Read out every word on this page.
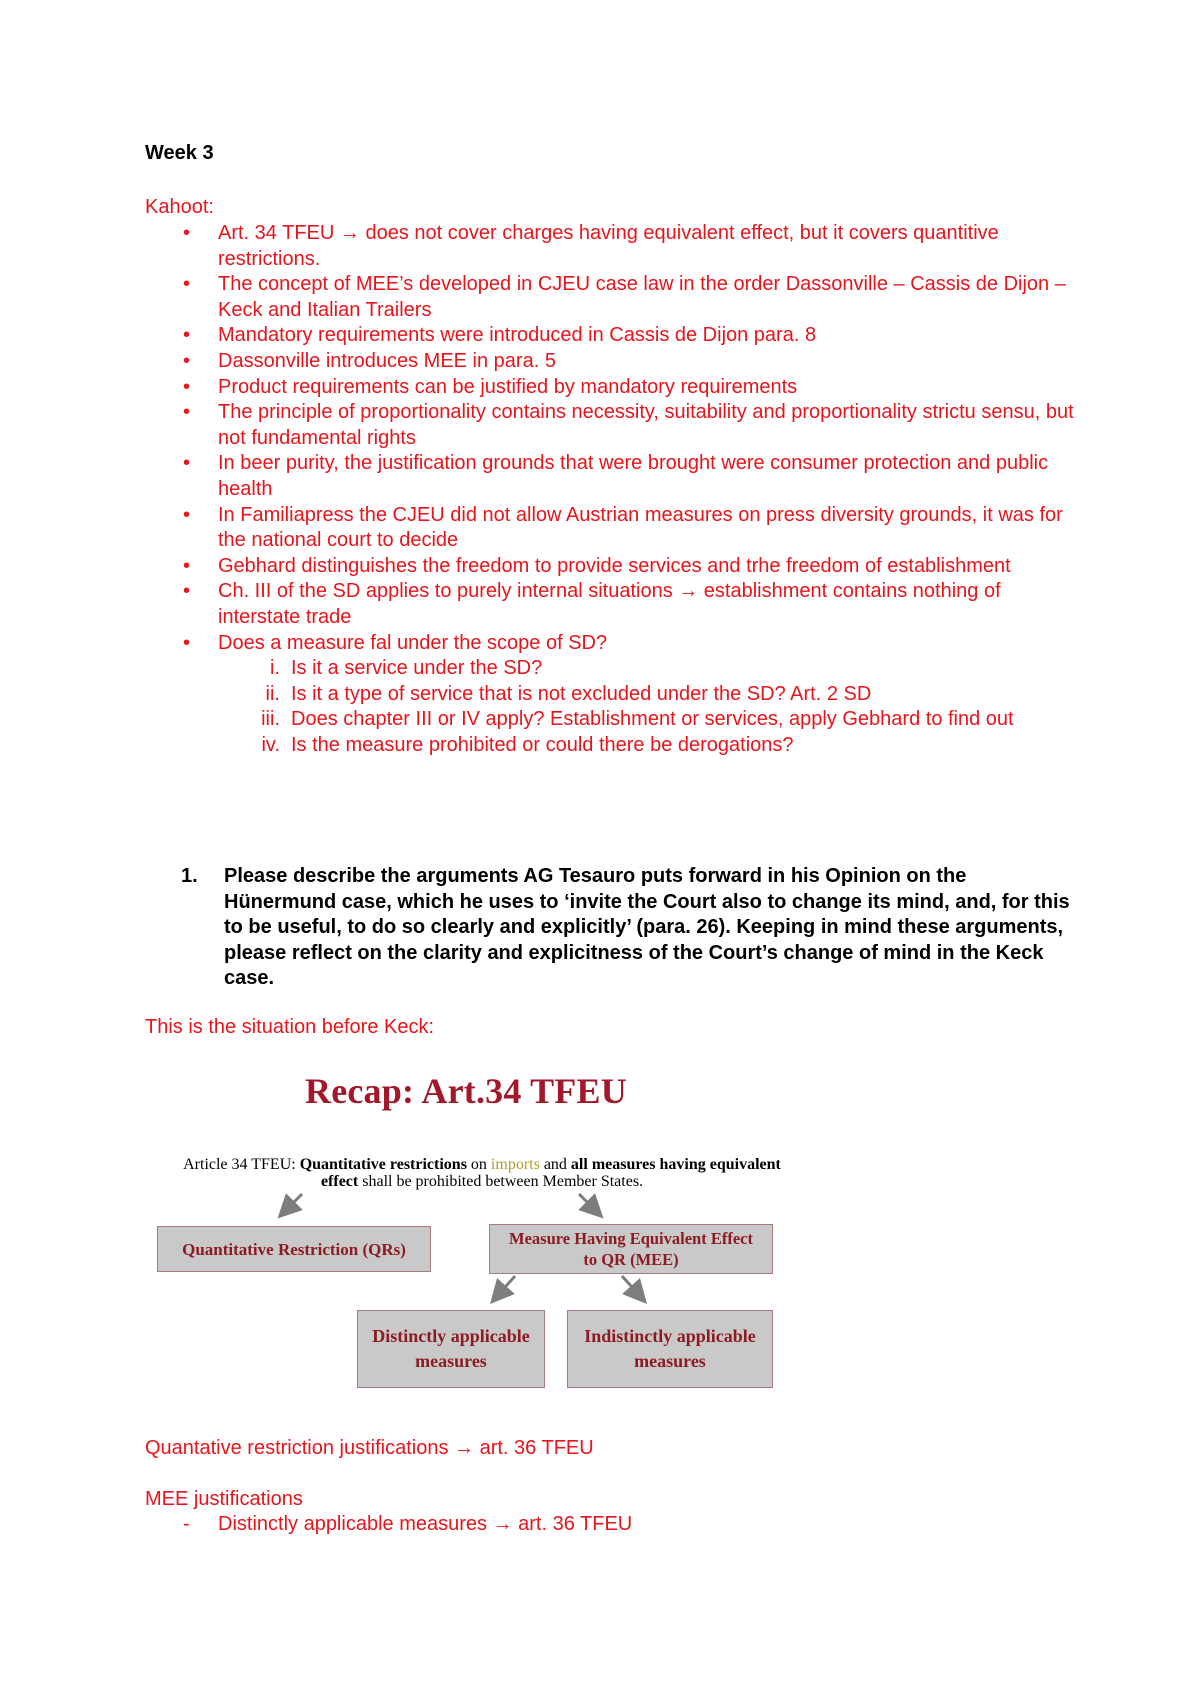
Week 3

Kahoot:
• Art. 34 TFEU → does not cover charges having equivalent effect, but it covers quantitive restrictions.
• The concept of MEE’s developed in CJEU case law in the order Dassonville – Cassis de Dijon – Keck and Italian Trailers
• Mandatory requirements were introduced in Cassis de Dijon para. 8
• Dassonville introduces MEE in para. 5
• Product requirements can be justified by mandatory requirements
• The principle of proportionality contains necessity, suitability and proportionality strictu sensu, but not fundamental rights
• In beer purity, the justification grounds that were brought were consumer protection and public health
• In Familiapress the CJEU did not allow Austrian measures on press diversity grounds, it was for the national court to decide
• Gebhard distinguishes the freedom to provide services and trhe freedom of establishment
• Ch. III of the SD applies to purely internal situations → establishment contains nothing of interstate trade
• Does a measure fal under the scope of SD?
i. Is it a service under the SD?
ii. Is it a type of service that is not excluded under the SD? Art. 2 SD
iii. Does chapter III or IV apply? Establishment or services, apply Gebhard to find out
iv. Is the measure prohibited or could there be derogations?
1.	Please describe the arguments AG Tesauro puts forward in his Opinion on the Hünermund case, which he uses to ‘invite the Court also to change its mind, and, for this to be useful, to do so clearly and explicitly’ (para. 26). Keeping in mind these arguments, please reflect on the clarity and explicitness of the Court’s change of mind in the Keck case.
This is the situation before Keck:
Recap: Art.34 TFEU
Article 34 TFEU: Quantitative restrictions on imports and all measures having equivalent effect shall be prohibited between Member States.
Quantitative Restriction (QRs)
Measure Having Equivalent Effect
to QR (MEE)
Distinctly applicable
measures
Indistinctly applicable
measures
Quantative restriction justifications → art. 36 TFEU
MEE justifications
-	Distinctly applicable measures → art. 36 TFEU
